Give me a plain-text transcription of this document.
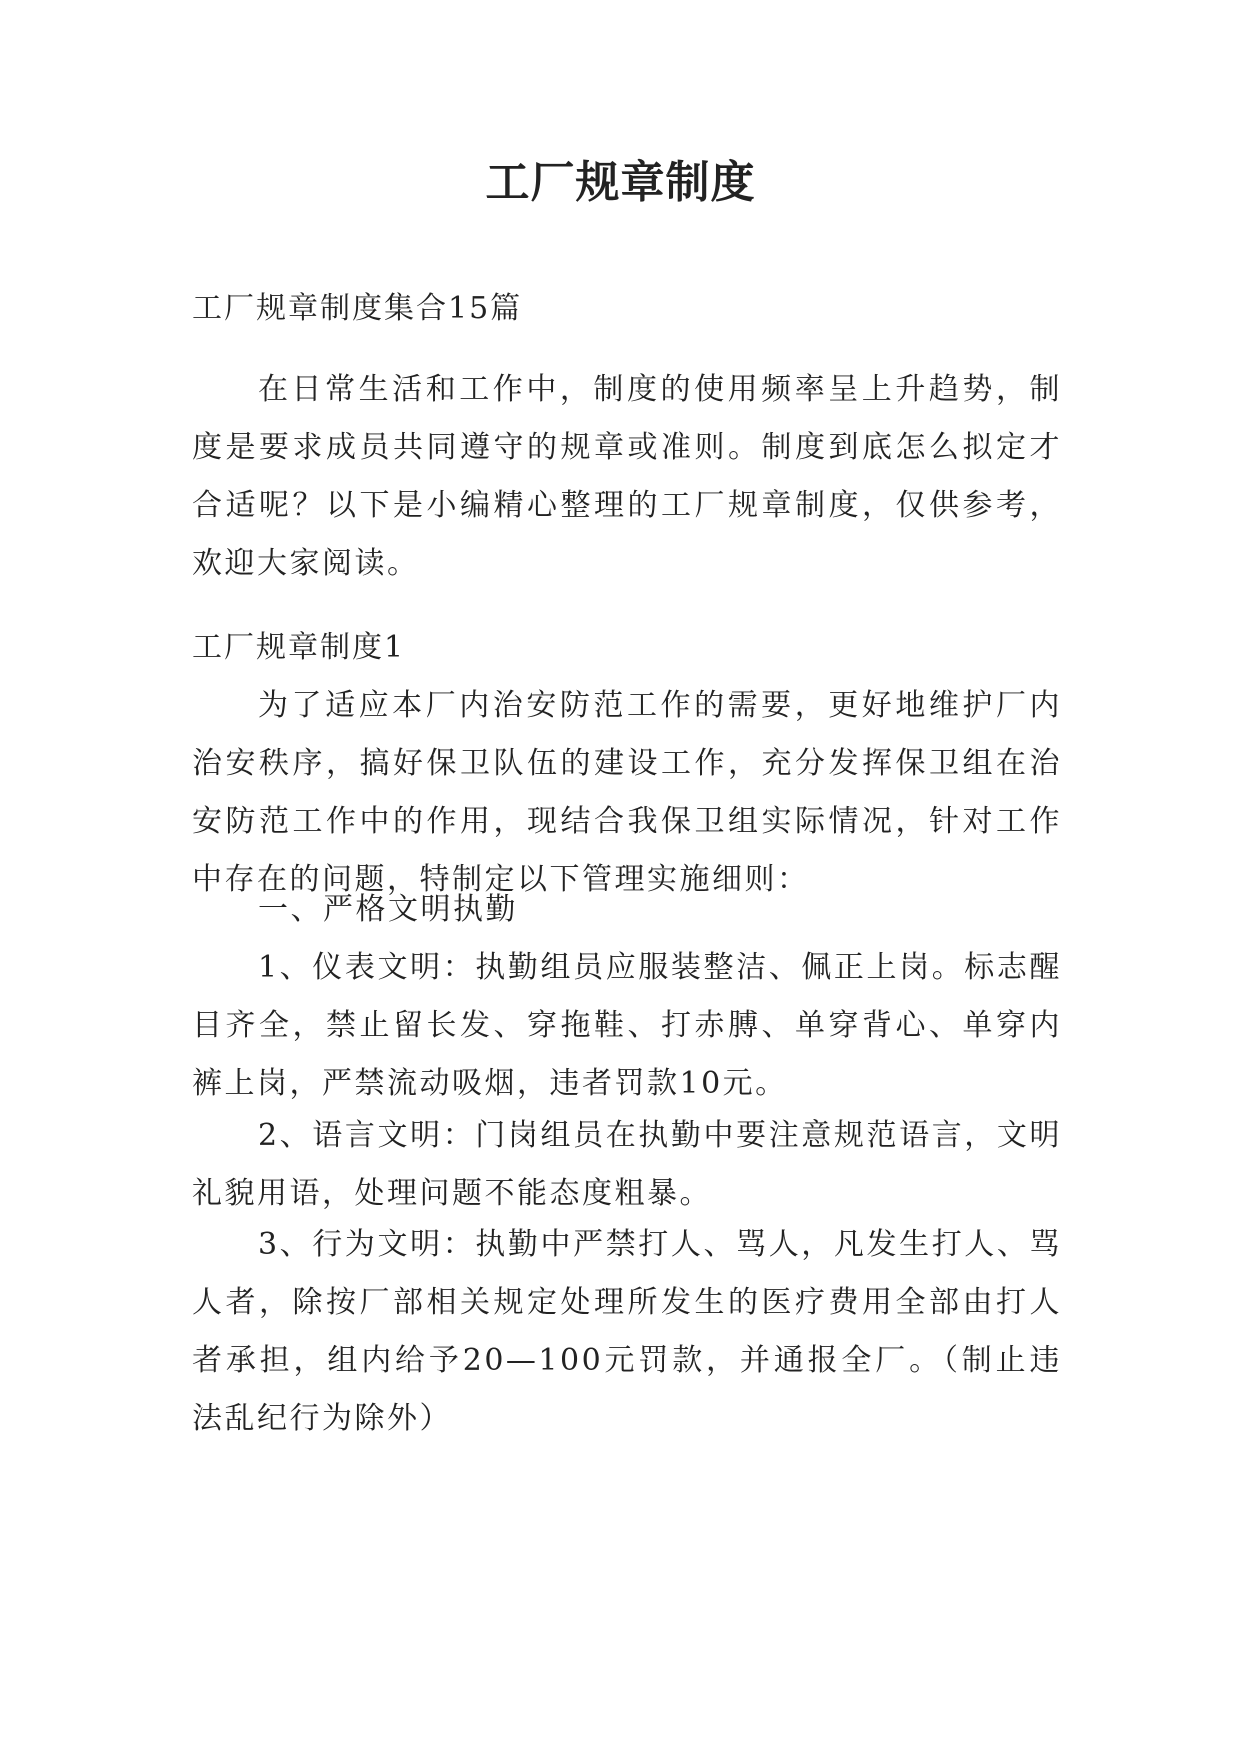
工厂规章制度
工厂规章制度集合15篇

在日常生活和工作中，制度的使用频率呈上升趋势，制度是要求成员共同遵守的规章或准则。制度到底怎么拟定才合适呢？以下是小编精心整理的工厂规章制度，仅供参考，欢迎大家阅读。

工厂规章制度1

为了适应本厂内治安防范工作的需要，更好地维护厂内治安秩序，搞好保卫队伍的建设工作，充分发挥保卫组在治安防范工作中的作用，现结合我保卫组实际情况，针对工作中存在的问题，特制定以下管理实施细则：

一、严格文明执勤

1、仪表文明：执勤组员应服装整洁、佩正上岗。标志醒目齐全，禁止留长发、穿拖鞋、打赤膊、单穿背心、单穿内裤上岗，严禁流动吸烟，违者罚款10元。

2、语言文明：门岗组员在执勤中要注意规范语言，文明礼貌用语，处理问题不能态度粗暴。

3、行为文明：执勤中严禁打人、骂人，凡发生打人、骂人者，除按厂部相关规定处理所发生的医疗费用全部由打人者承担，组内给予20—100元罚款，并通报全厂。（制止违法乱纪行为除外）
